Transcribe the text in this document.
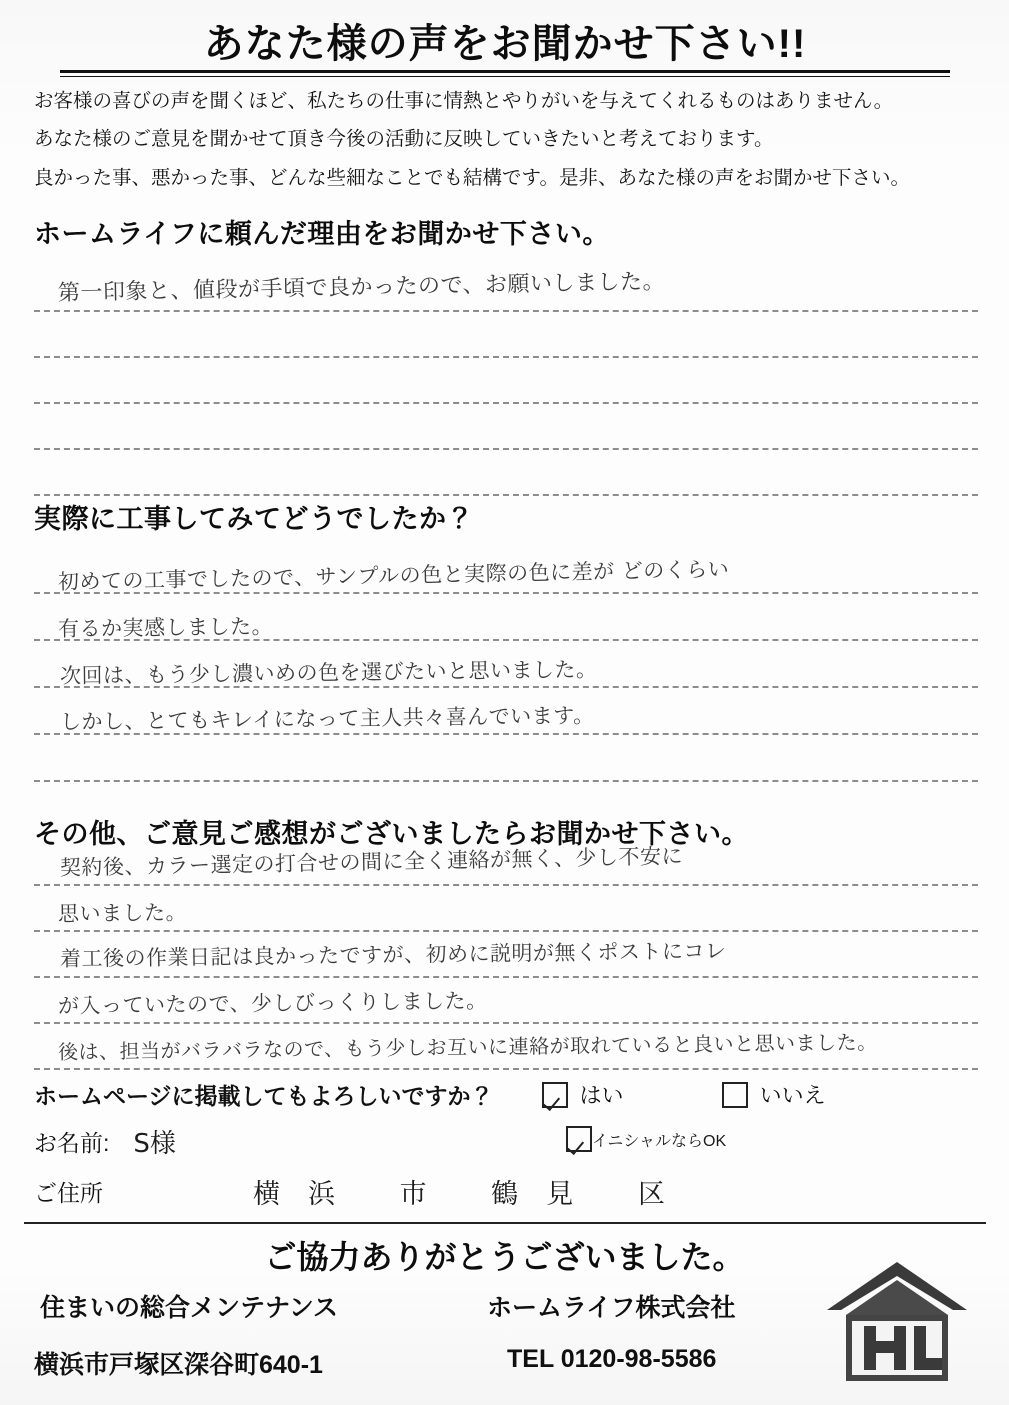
あなた様の声をお聞かせ下さい!!

お客様の喜びの声を聞くほど、私たちの仕事に情熱とやりがいを与えてくれるものはありません。

あなた様のご意見を聞かせて頂き今後の活動に反映していきたいと考えております。

良かった事、悪かった事、どんな些細なことでも結構です。是非、あなた様の声をお聞かせ下さい。

ホームライフに頼んだ理由をお聞かせ下さい。
第一印象と、値段が手頃で良かったので、お願いしました。
実際に工事してみてどうでしたか？
初めての工事でしたので、サンプルの色と実際の色に差が どのくらい
有るか実感しました。
次回は、もう少し濃いめの色を選びたいと思いました。
しかし、とてもキレイになって主人共々喜んでいます。
その他、ご意見ご感想がございましたらお聞かせ下さい。
契約後、カラー選定の打合せの間に全く連絡が無く、少し不安に
思いました。
着工後の作業日記は良かったですが、初めに説明が無くポストにコレ
が入っていたので、少しびっくりしました。
後は、担当がバラバラなので、もう少しお互いに連絡が取れていると良いと思いました。
ホームページに掲載してもよろしいですか？	はい	いいえ
お名前: S様	イニシャルならOK
ご住所	横浜 市 鶴見 区
ご協力ありがとうございました。
住まいの総合メンテナンス	ホームライフ株式会社
横浜市戸塚区深谷町640-1	TEL 0120-98-5586
